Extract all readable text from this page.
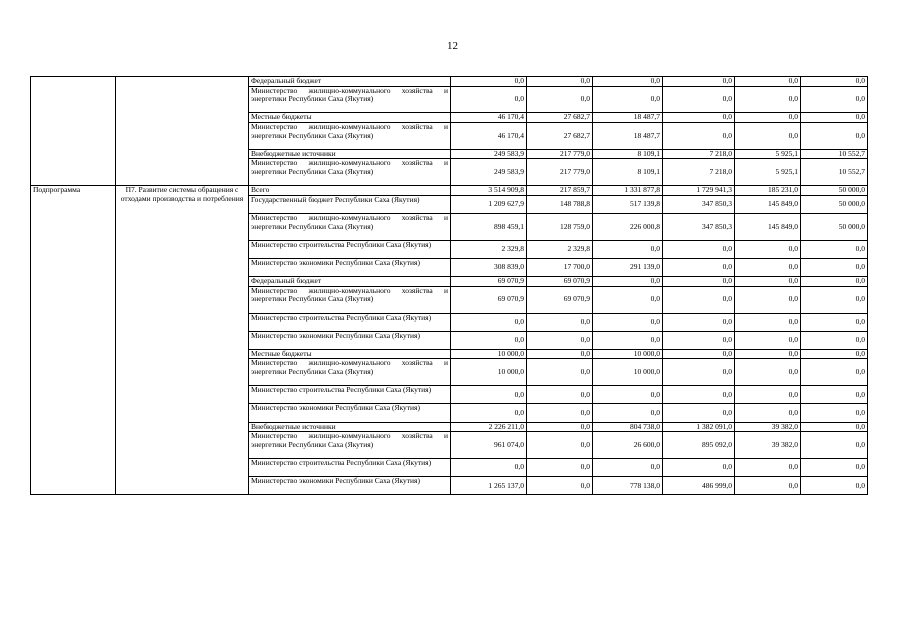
12
		Федеральный бюджет	0,0	0,0	0,0	0,0	0,0	0,0
		Министерство жилищно-коммунального хозяйства и энергетики Республики Саха (Якутия)	0,0	0,0	0,0	0,0	0,0	0,0
		Местные бюджеты	46 170,4	27 682,7	18 487,7	0,0	0,0	0,0
		Министерство жилищно-коммунального хозяйства и энергетики Республики Саха (Якутия)	46 170,4	27 682,7	18 487,7	0,0	0,0	0,0
		Внебюджетные источники	249 583,9	217 779,0	8 109,1	7 218,0	5 925,1	10 552,7
		Министерство жилищно-коммунального хозяйства и энергетики Республики Саха (Якутия)	249 583,9	217 779,0	8 109,1	7 218,0	5 925,1	10 552,7
Подпрограмма	П7. Развитие системы обращения с отходами производства и потребления	Всего	3 514 909,8	217 859,7	1 331 877,8	1 729 941,3	185 231,0	50 000,0
		Государственный бюджет Республики Саха (Якутия)	1 209 627,9	148 788,8	517 139,8	347 850,3	145 849,0	50 000,0
		Министерство жилищно-коммунального хозяйства и энергетики Республики Саха (Якутия)	898 459,1	128 759,0	226 000,8	347 850,3	145 849,0	50 000,0
		Министерство строительства Республики Саха (Якутия)	2 329,8	2 329,8	0,0	0,0	0,0	0,0
		Министерство экономики Республики Саха (Якутия)	308 839,0	17 700,0	291 139,0	0,0	0,0	0,0
		Федеральный бюджет	69 070,9	69 070,9	0,0	0,0	0,0	0,0
		Министерство жилищно-коммунального хозяйства и энергетики Республики Саха (Якутия)	69 070,9	69 070,9	0,0	0,0	0,0	0,0
		Министерство строительства Республики Саха (Якутия)	0,0	0,0	0,0	0,0	0,0	0,0
		Министерство экономики Республики Саха (Якутия)	0,0	0,0	0,0	0,0	0,0	0,0
		Местные бюджеты	10 000,0	0,0	10 000,0	0,0	0,0	0,0
		Министерство жилищно-коммунального хозяйства и энергетики Республики Саха (Якутия)	10 000,0	0,0	10 000,0	0,0	0,0	0,0
		Министерство строительства Республики Саха (Якутия)	0,0	0,0	0,0	0,0	0,0	0,0
		Министерство экономики Республики Саха (Якутия)	0,0	0,0	0,0	0,0	0,0	0,0
		Внебюджетные источники	2 226 211,0	0,0	804 738,0	1 382 091,0	39 382,0	0,0
		Министерство жилищно-коммунального хозяйства и энергетики Республики Саха (Якутия)	961 074,0	0,0	26 600,0	895 092,0	39 382,0	0,0
		Министерство строительства Республики Саха (Якутия)	0,0	0,0	0,0	0,0	0,0	0,0
		Министерство экономики Республики Саха (Якутия)	1 265 137,0	0,0	778 138,0	486 999,0	0,0	0,0
